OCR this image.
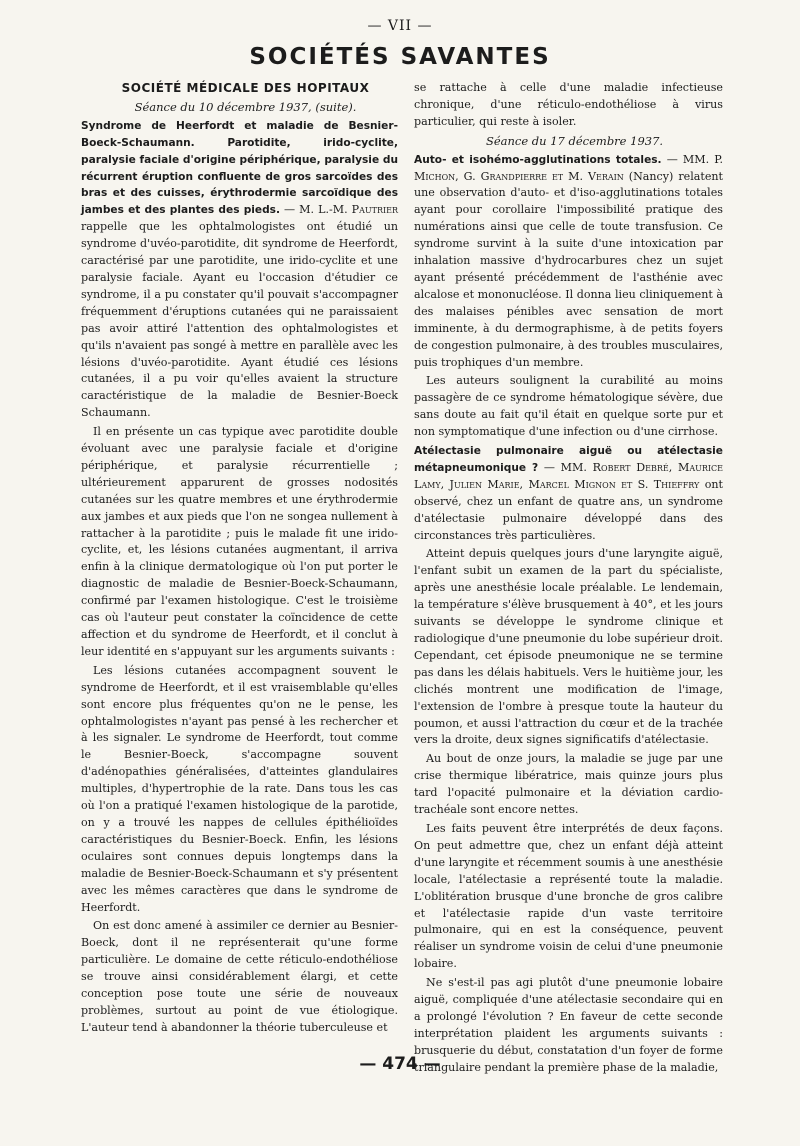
— VII —
SOCIÉTÉS SAVANTES

SOCIÉTÉ MÉDICALE DES HOPITAUX

Séance du 10 décembre 1937, (suite).

Syndrome de Heerfordt et maladie de Besnier-Boeck-Schaumann. Parotidite, irido-cyclite, paralysie faciale d'origine périphérique, paralysie du récurrent éruption confluente de gros sarcoïdes des bras et des cuisses, érythrodermie sarcoïdique des jambes et des plantes des pieds. — M. L.-M. Pautrier rappelle que les ophtalmologistes ont étudié un syndrome d'uvéo-parotidite, dit syndrome de Heerfordt, caractérisé par une parotidite, une irido-cyclite et une paralysie faciale. Ayant eu l'occasion d'étudier ce syndrome, il a pu constater qu'il pouvait s'accompagner fréquemment d'éruptions cutanées qui ne paraissaient pas avoir attiré l'attention des ophtalmologistes et qu'ils n'avaient pas songé à mettre en parallèle avec les lésions d'uvéo-parotidite. Ayant étudié ces lésions cutanées, il a pu voir qu'elles avaient la structure caractéristique de la maladie de Besnier-Boeck Schaumann.

Il en présente un cas typique avec parotidite double évoluant avec une paralysie faciale et d'origine périphérique, et paralysie récurrentielle ; ultérieurement apparurent de grosses nodosités cutanées sur les quatre membres et une érythrodermie aux jambes et aux pieds que l'on ne songea nullement à rattacher à la parotidite ; puis le malade fit une irido-cyclite, et, les lésions cutanées augmentant, il arriva enfin à la clinique dermatologique où l'on put porter le diagnostic de maladie de Besnier-Boeck-Schaumann, confirmé par l'examen histologique. C'est le troisième cas où l'auteur peut constater la coïncidence de cette affection et du syndrome de Heerfordt, et il conclut à leur identité en s'appuyant sur les arguments suivants :

Les lésions cutanées accompagnent souvent le syndrome de Heerfordt, et il est vraisemblable qu'elles sont encore plus fréquentes qu'on ne le pense, les ophtalmologistes n'ayant pas pensé à les rechercher et à les signaler. Le syndrome de Heerfordt, tout comme le Besnier-Boeck, s'accompagne souvent d'adénopathies généralisées, d'atteintes glandulaires multiples, d'hypertrophie de la rate. Dans tous les cas où l'on a pratiqué l'examen histologique de la parotide, on y a trouvé les nappes de cellules épithélioïdes caractéristiques du Besnier-Boeck. Enfin, les lésions oculaires sont connues depuis longtemps dans la maladie de Besnier-Boeck-Schaumann et s'y présentent avec les mêmes caractères que dans le syndrome de Heerfordt.

On est donc amené à assimiler ce dernier au Besnier-Boeck, dont il ne représenterait qu'une forme particulière. Le domaine de cette réticulo-endothéliose se trouve ainsi considérablement élargi, et cette conception pose toute une série de nouveaux problèmes, surtout au point de vue étiologique. L'auteur tend à abandonner la théorie tuberculeuse et

se rattache à celle d'une maladie infectieuse chronique, d'une réticulo-endothéliose à virus particulier, qui reste à isoler.

Séance du 17 décembre 1937.

Auto- et isohémo-agglutinations totales. — MM. P. Michon, G. Grandpierre et M. Verain (Nancy) relatent une observation d'auto- et d'iso-agglutinations totales ayant pour corollaire l'impossibilité pratique des numérations ainsi que celle de toute transfusion. Ce syndrome survint à la suite d'une intoxication par inhalation massive d'hydrocarbures chez un sujet ayant présenté précédemment de l'asthénie avec alcalose et mononucléose. Il donna lieu cliniquement à des malaises pénibles avec sensation de mort imminente, à du dermographisme, à de petits foyers de congestion pulmonaire, à des troubles musculaires, puis trophiques d'un membre.

Les auteurs soulignent la curabilité au moins passagère de ce syndrome hématologique sévère, due sans doute au fait qu'il était en quelque sorte pur et non symptomatique d'une infection ou d'une cirrhose.

Atélectasie pulmonaire aiguë ou atélectasie métapneumonique ? — MM. Robert Debré, Maurice Lamy, Julien Marie, Marcel Mignon et S. Thieffry ont observé, chez un enfant de quatre ans, un syndrome d'atélectasie pulmonaire développé dans des circonstances très particulières.

Atteint depuis quelques jours d'une laryngite aiguë, l'enfant subit un examen de la part du spécialiste, après une anesthésie locale préalable. Le lendemain, la température s'élève brusquement à 40°, et les jours suivants se développe le syndrome clinique et radiologique d'une pneumonie du lobe supérieur droit. Cependant, cet épisode pneumonique ne se termine pas dans les délais habituels. Vers le huitième jour, les clichés montrent une modification de l'image, l'extension de l'ombre à presque toute la hauteur du poumon, et aussi l'attraction du cœur et de la trachée vers la droite, deux signes significatifs d'atélectasie.

Au bout de onze jours, la maladie se juge par une crise thermique libératrice, mais quinze jours plus tard l'opacité pulmonaire et la déviation cardio-trachéale sont encore nettes.

Les faits peuvent être interprétés de deux façons. On peut admettre que, chez un enfant déjà atteint d'une laryngite et récemment soumis à une anesthésie locale, l'atélectasie a représenté toute la maladie. L'oblitération brusque d'une bronche de gros calibre et l'atélectasie rapide d'un vaste territoire pulmonaire, qui en est la conséquence, peuvent réaliser un syndrome voisin de celui d'une pneumonie lobaire.

Ne s'est-il pas agi plutôt d'une pneumonie lobaire aiguë, compliquée d'une atélectasie secondaire qui en a prolongé l'évolution ? En faveur de cette seconde interprétation plaident les arguments suivants : brusquerie du début, constatation d'un foyer de forme triangulaire pendant la première phase de la maladie,

— 474 —
